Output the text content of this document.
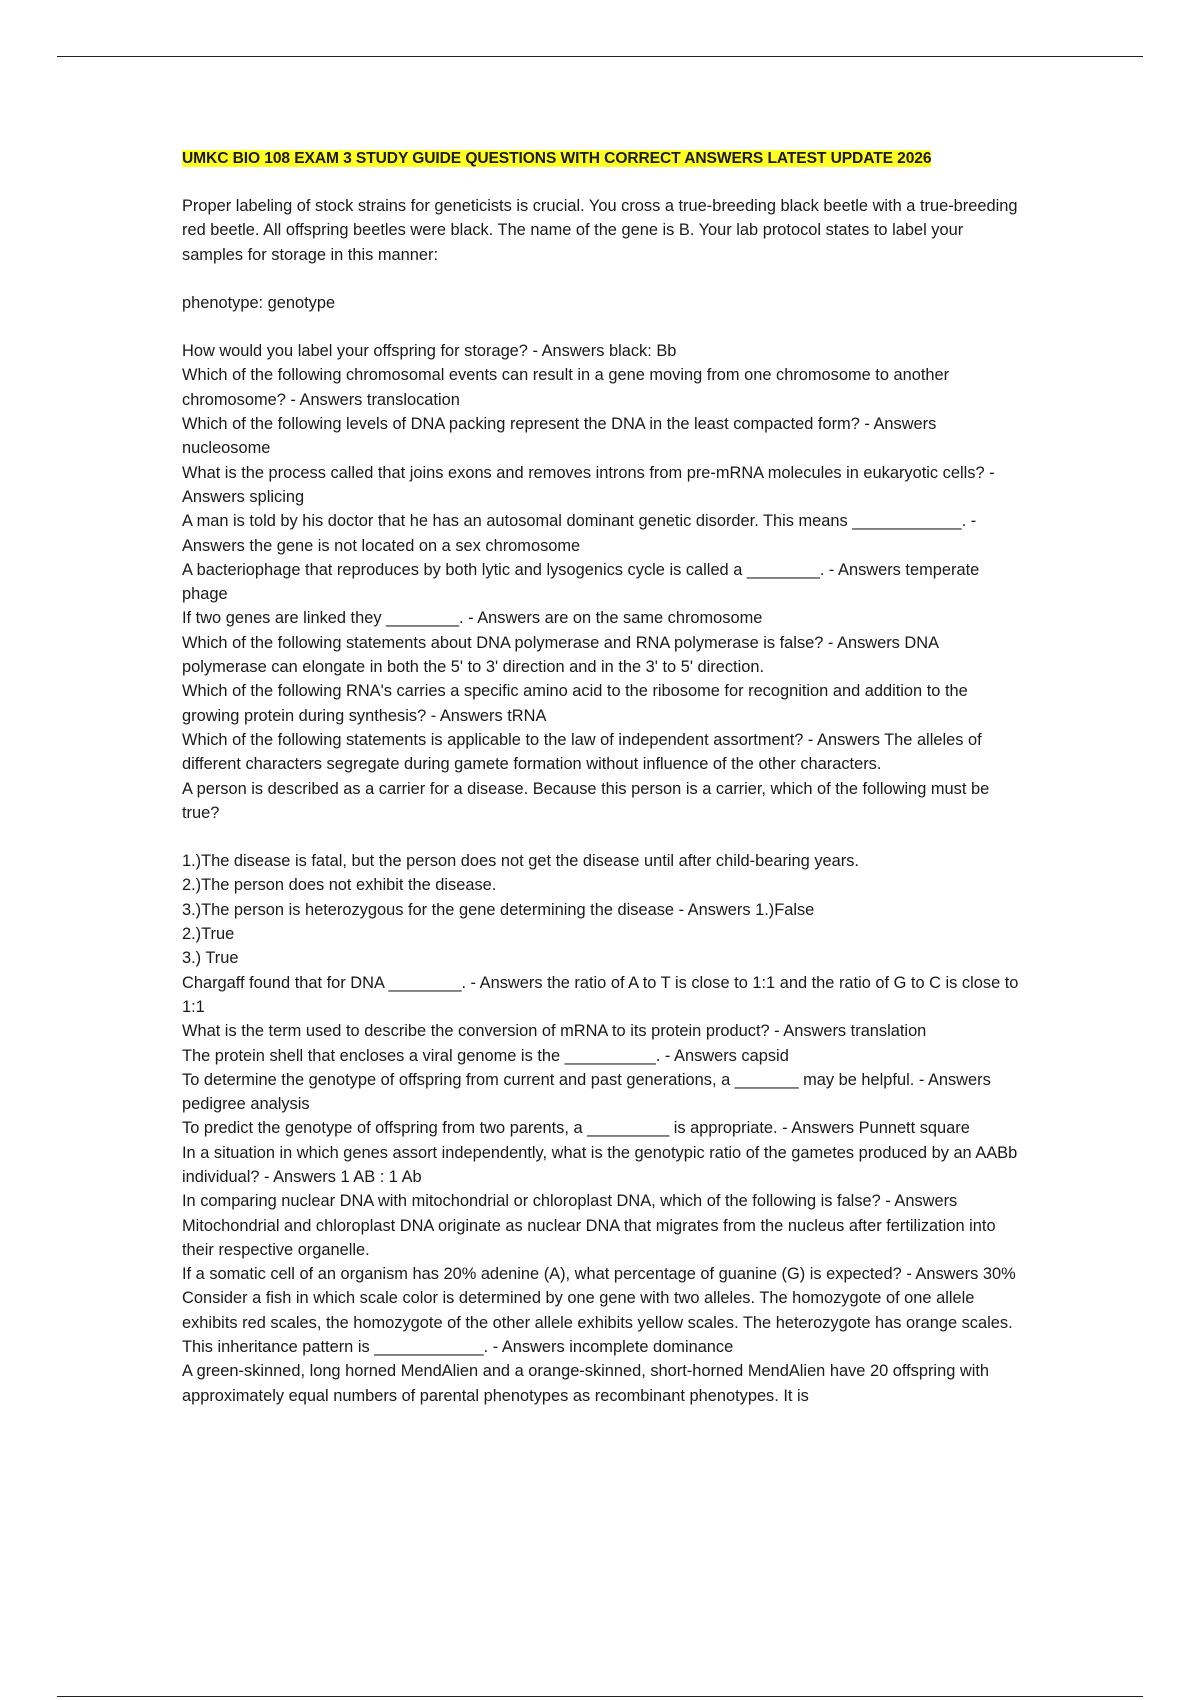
UMKC BIO 108 EXAM 3 STUDY GUIDE QUESTIONS WITH CORRECT ANSWERS LATEST UPDATE 2026

Proper labeling of stock strains for geneticists is crucial. You cross a true-breeding black beetle with a true-breeding red beetle. All offspring beetles were black. The name of the gene is B. Your lab protocol states to label your samples for storage in this manner:

phenotype: genotype

How would you label your offspring for storage? - Answers black: Bb

Which of the following chromosomal events can result in a gene moving from one chromosome to another chromosome? - Answers translocation

Which of the following levels of DNA packing represent the DNA in the least compacted form? - Answers nucleosome

What is the process called that joins exons and removes introns from pre-mRNA molecules in eukaryotic cells? - Answers splicing

A man is told by his doctor that he has an autosomal dominant genetic disorder. This means ____________. - Answers the gene is not located on a sex chromosome

A bacteriophage that reproduces by both lytic and lysogenics cycle is called a ________. - Answers temperate phage

If two genes are linked they ________. - Answers are on the same chromosome

Which of the following statements about DNA polymerase and RNA polymerase is false? - Answers DNA polymerase can elongate in both the 5' to 3' direction and in the 3' to 5' direction.

Which of the following RNA's carries a specific amino acid to the ribosome for recognition and addition to the growing protein during synthesis? - Answers tRNA

Which of the following statements is applicable to the law of independent assortment? - Answers The alleles of different characters segregate during gamete formation without influence of the other characters.

A person is described as a carrier for a disease. Because this person is a carrier, which of the following must be true?

1.)The disease is fatal, but the person does not get the disease until after child-bearing years.

2.)The person does not exhibit the disease.

3.)The person is heterozygous for the gene determining the disease - Answers 1.)False

2.)True

3.) True

Chargaff found that for DNA ________. - Answers the ratio of A to T is close to 1:1 and the ratio of G to C is close to 1:1

What is the term used to describe the conversion of mRNA to its protein product? - Answers translation

The protein shell that encloses a viral genome is the __________. - Answers capsid

To determine the genotype of offspring from current and past generations, a _______ may be helpful. - Answers pedigree analysis

To predict the genotype of offspring from two parents, a _________ is appropriate. - Answers Punnett square

In a situation in which genes assort independently, what is the genotypic ratio of the gametes produced by an AABb individual? - Answers 1 AB : 1 Ab

In comparing nuclear DNA with mitochondrial or chloroplast DNA, which of the following is false? - Answers Mitochondrial and chloroplast DNA originate as nuclear DNA that migrates from the nucleus after fertilization into their respective organelle.

If a somatic cell of an organism has 20% adenine (A), what percentage of guanine (G) is expected? - Answers 30%

Consider a fish in which scale color is determined by one gene with two alleles. The homozygote of one allele exhibits red scales, the homozygote of the other allele exhibits yellow scales. The heterozygote has orange scales. This inheritance pattern is ____________. - Answers incomplete dominance

A green-skinned, long horned MendAlien and a orange-skinned, short-horned MendAlien have 20 offspring with approximately equal numbers of parental phenotypes as recombinant phenotypes. It is
